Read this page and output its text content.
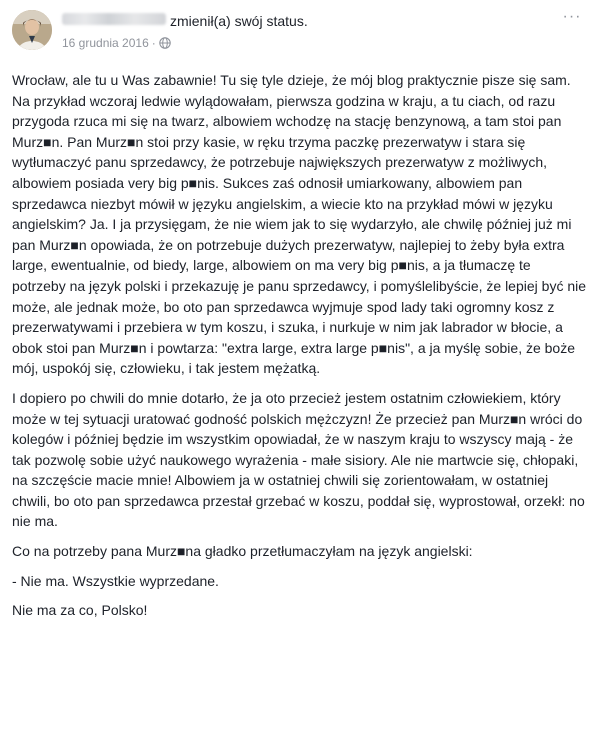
zmienił(a) swój status.
16 grudnia 2016 ·
···

Wrocław, ale tu u Was zabawnie! Tu się tyle dzieje, że mój blog praktycznie pisze się sam. Na przykład wczoraj ledwie wylądowałam, pierwsza godzina w kraju, a tu ciach, od razu przygoda rzuca mi się na twarz, albowiem wchodzę na stację benzynową, a tam stoi pan Murz■n. Pan Murz■n stoi przy kasie, w ręku trzyma paczkę prezerwatyw i stara się wytłumaczyć panu sprzedawcy, że potrzebuje największych prezerwatyw z możliwych, albowiem posiada very big p■nis. Sukces zaś odnosił umiarkowany, albowiem pan sprzedawca niezbyt mówił w języku angielskim, a wiecie kto na przykład mówi w języku angielskim? Ja. I ja przysięgam, że nie wiem jak to się wydarzyło, ale chwilę później już mi pan Murz■n opowiada, że on potrzebuje dużych prezerwatyw, najlepiej to żeby była extra large, ewentualnie, od biedy, large, albowiem on ma very big p■nis, a ja tłumaczę te potrzeby na język polski i przekazuję je panu sprzedawcy, i pomyślelibyście, że lepiej być nie może, ale jednak może, bo oto pan sprzedawca wyjmuje spod lady taki ogromny kosz z prezerwatywami i przebiera w tym koszu, i szuka, i nurkuje w nim jak labrador w błocie, a obok stoi pan Murz■n i powtarza: "extra large, extra large p■nis", a ja myślę sobie, że boże mój, uspokój się, człowieku, i tak jestem mężatką.

I dopiero po chwili do mnie dotarło, że ja oto przecież jestem ostatnim człowiekiem, który może w tej sytuacji uratować godność polskich mężczyzn! Że przecież pan Murz■n wróci do kolegów i później będzie im wszystkim opowiadał, że w naszym kraju to wszyscy mają - że tak pozwolę sobie użyć naukowego wyrażenia - małe sisiory. Ale nie martwcie się, chłopaki, na szczęście macie mnie! Albowiem ja w ostatniej chwili się zorientowałam, w ostatniej chwili, bo oto pan sprzedawca przestał grzebać w koszu, poddał się, wyprostował, orzekł: no nie ma.

Co na potrzeby pana Murz■na gładko przetłumaczyłam na język angielski:

- Nie ma. Wszystkie wyprzedane.

Nie ma za co, Polsko!
